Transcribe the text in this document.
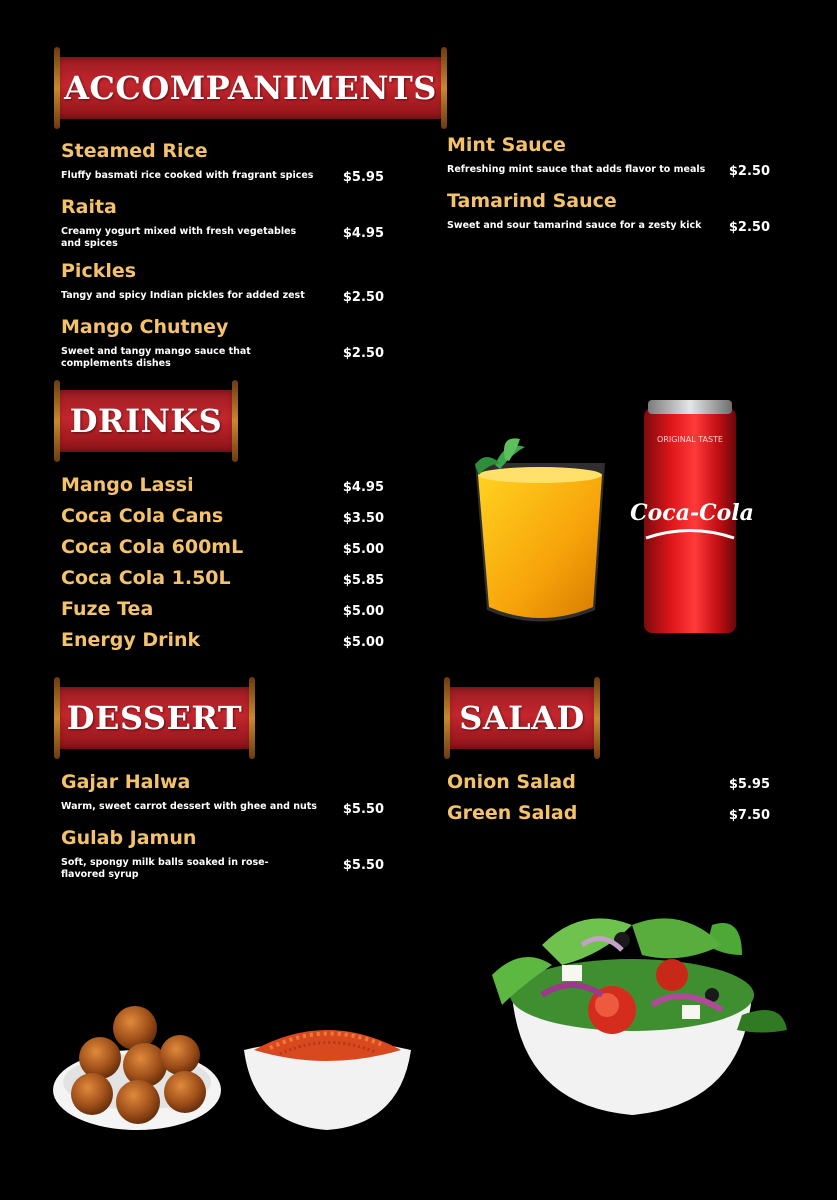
ACCOMPANIMENTS
Steamed Rice
Fluffy basmati rice cooked with fragrant spices	$5.95
Raita
Creamy yogurt mixed with fresh vegetables and spices
$4.95
Pickles
Tangy and spicy Indian pickles for added zest	$2.50
Mango Chutney
Sweet and tangy mango sauce that complements dishes
$2.50
Mint Sauce
Refreshing mint sauce that adds flavor to meals	$2.50
Tamarind Sauce
Sweet and sour tamarind sauce for a zesty kick	$2.50
DRINKS
Mango Lassi	$4.95
Coca Cola Cans	$3.50
Coca Cola 600mL	$5.00
Coca Cola 1.50L	$5.85
Fuze Tea	$5.00
Energy Drink	$5.00
ORIGINAL TASTE
Coca-Cola
DESSERT
Gajar Halwa
Warm, sweet carrot dessert with ghee and nuts	$5.50
Gulab Jamun
Soft, spongy milk balls soaked in rose-flavored syrup
$5.50
SALAD
Onion Salad	$5.95
Green Salad	$7.50
